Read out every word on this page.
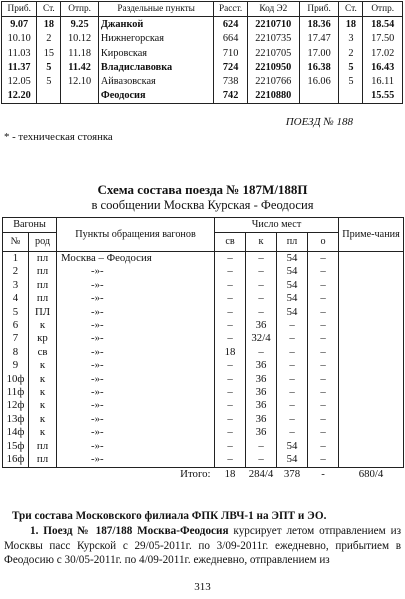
Приб.	Ст.	Отпр.	Раздельные пункты	Расст.	Код Э2	Приб.	Ст.	Отпр.
9.07	18	9.25	Джанкой	624	2210710	18.36	18	18.54
10.10	2	10.12	Нижнегорская	664	2210735	17.47	3	17.50
11.03	15	11.18	Кировская	710	2210705	17.00	2	17.02
11.37	5	11.42	Владиславовка	724	2210950	16.38	5	16.43
12.05	5	12.10	Айвазовская	738	2210766	16.06	5	16.11
12.20			Феодосия	742	2210880			15.55
ПОЕЗД № 188
* - техническая стоянка
Схема состава поезда № 187М/188П
в сообщении Москва Курская - Феодосия
Вагоны		Пункты обращения вагонов	Число мест				Приме-чания
№	род		св	к	пл	о	
1	пл	Москва – Феодосия	–	–	54	–	
2	пл	-»-	–	–	54	–	
3	пл	-»-	–	–	54	–	
4	пл	-»-	–	–	54	–	
5	ПЛ	-»-	–	–	54	–	
6	к	-»-	–	36	–	–	
7	кр	-»-	–	32/4	–	–	
8	св	-»-	18	–	–	–	
9	к	-»-	–	36	–	–	
10ф	к	-»-	–	36	–	–	
11ф	к	-»-	–	36	–	–	
12ф	к	-»-	–	36	–	–	
13ф	к	-»-	–	36	–	–	
14ф	к	-»-	–	36	–	–	
15ф	пл	-»-	–	–	54	–	
16ф	пл	-»-	–	–	54	–	
Итого:			18	284/4	378	-	680/4
Три состава Московского филиала ФПК ЛВЧ-1 на ЭПТ и ЭО.
1. Поезд № 187/188 Москва-Феодосия курсирует летом отправлением из Москвы пасс Курской с 29/05-2011г. по 3/09-2011г. ежедневно, прибытием в Феодосию с 30/05-2011г. по 4/09-2011г. ежедневно, отправлением из
313
